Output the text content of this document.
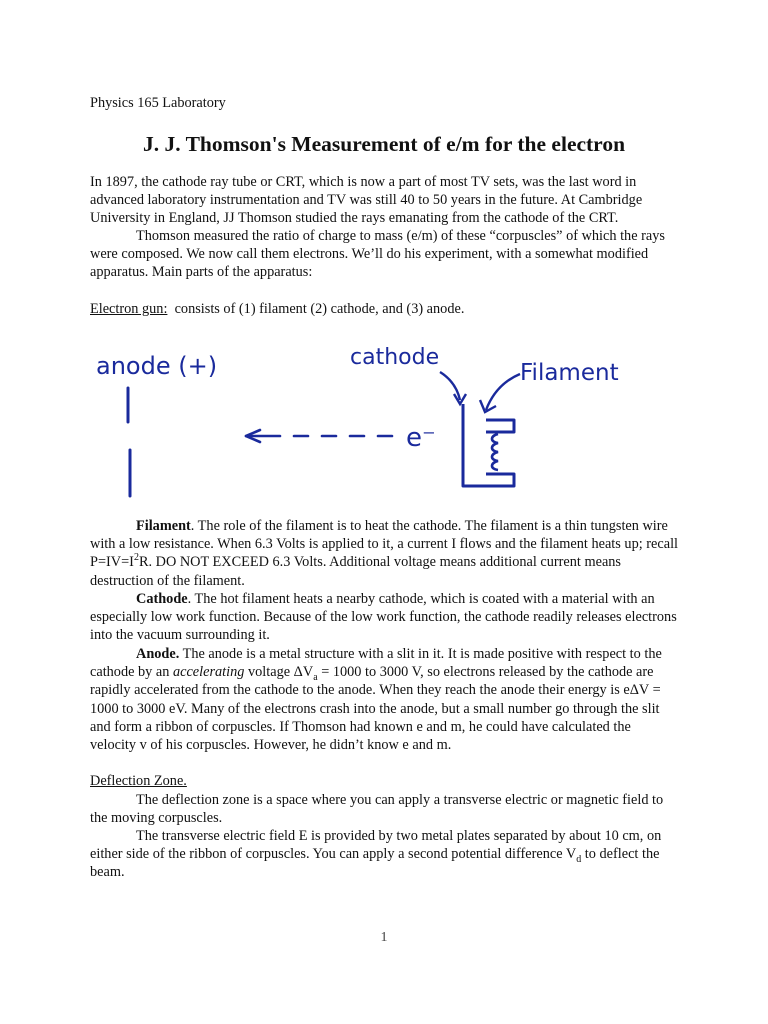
Physics 165 Laboratory

J. J. Thomson's Measurement of e/m for the electron

In 1897, the cathode ray tube or CRT, which is now a part of most TV sets, was the last word in advanced laboratory instrumentation and TV was still 40 to 50 years in the future. At Cambridge University in England, JJ Thomson studied the rays emanating from the cathode of the CRT.

Thomson measured the ratio of charge to mass (e/m) of these “corpuscles” of which the rays were composed. We now call them electrons. We’ll do his experiment, with a somewhat modified apparatus. Main parts of the apparatus:

Electron gun: consists of (1) filament (2) cathode, and (3) anode.

anode (+)
e⁻
cathode
Filament

Filament. The role of the filament is to heat the cathode. The filament is a thin tungsten wire with a low resistance. When 6.3 Volts is applied to it, a current I flows and the filament heats up; recall $P=IV=I^2R$. DO NOT EXCEED 6.3 Volts. Additional voltage means additional current means destruction of the filament.

Cathode. The hot filament heats a nearby cathode, which is coated with a material with an especially low work function. Because of the low work function, the cathode readily releases electrons into the vacuum surrounding it.

Anode. The anode is a metal structure with a slit in it. It is made positive with respect to the cathode by an accelerating voltage $\Delta V_a = 1000$ to 3000 V, so electrons released by the cathode are rapidly accelerated from the cathode to the anode. When they reach the anode their energy is eΔV = 1000 to 3000 eV. Many of the electrons crash into the anode, but a small number go through the slit and form a ribbon of corpuscles. If Thomson had known e and m, he could have calculated the velocity v of his corpuscles. However, he didn’t know e and m.

Deflection Zone.

The deflection zone is a space where you can apply a transverse electric or magnetic field to the moving corpuscles.

The transverse electric field E is provided by two metal plates separated by about 10 cm, on either side of the ribbon of corpuscles. You can apply a second potential difference $V_d$ to deflect the beam.

1
